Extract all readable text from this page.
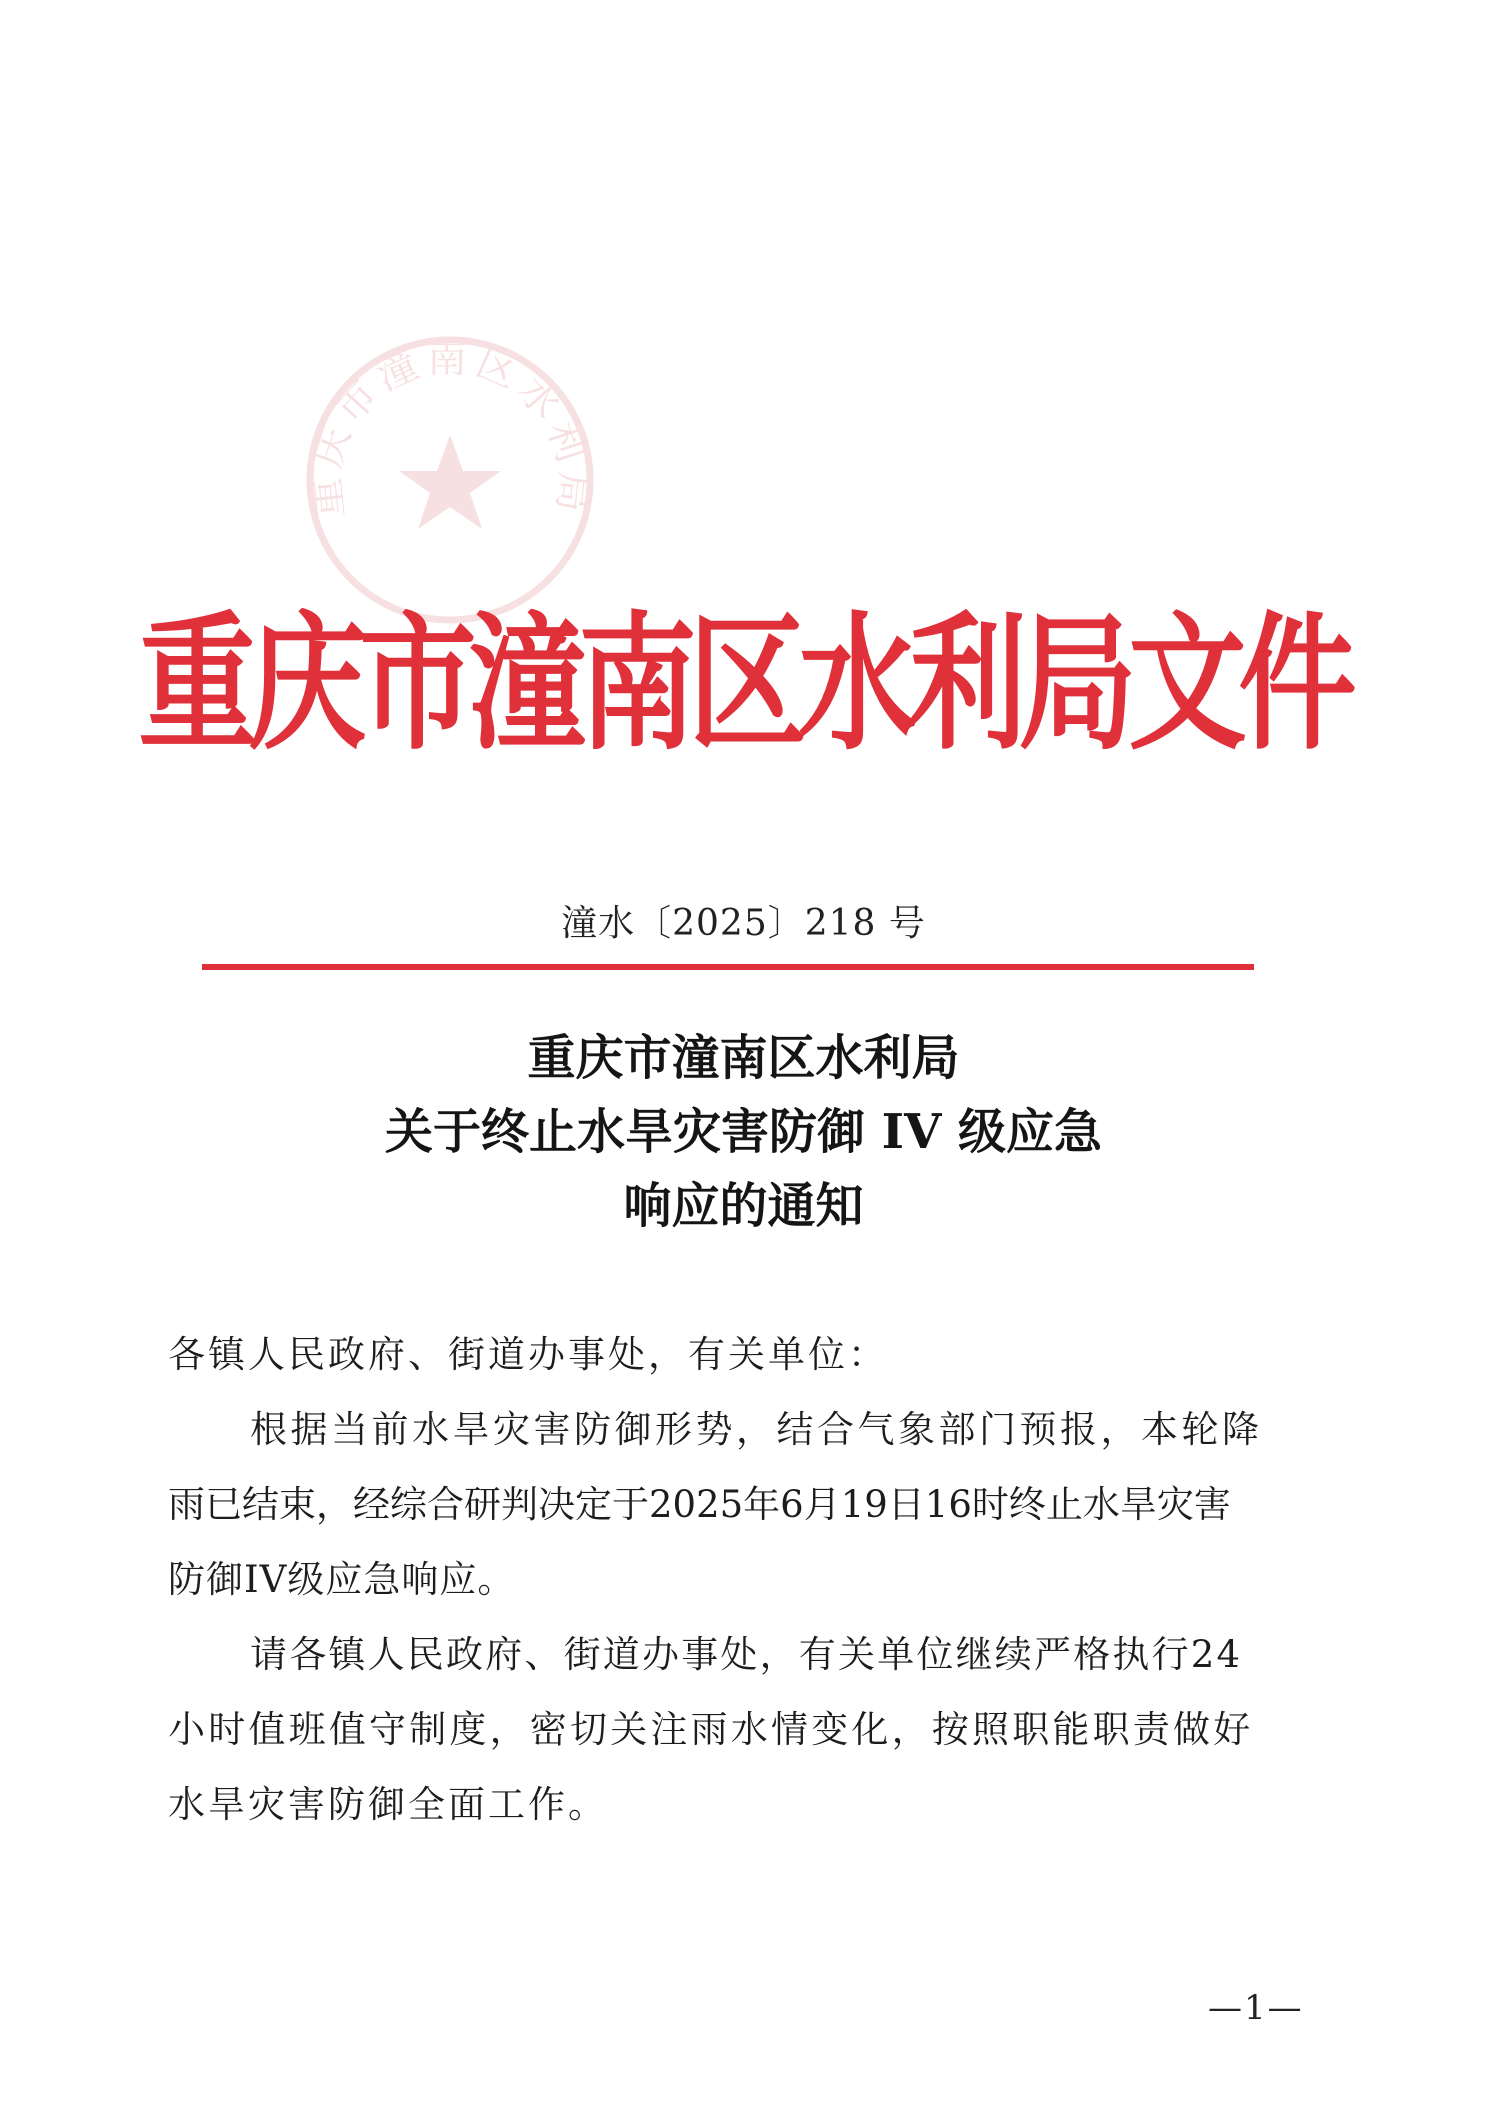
重庆市潼南区水利局
重庆市潼南区水利局文件
潼水〔2025〕218 号
重庆市潼南区水利局
关于终止水旱灾害防御 IV 级应急
响应的通知
各镇人民政府、街道办事处，有关单位：
根据当前水旱灾害防御形势，结合气象部门预报，本轮降
雨已结束，经综合研判决定于2025年6月19日16时终止水旱灾害
防御IV级应急响应。
请各镇人民政府、街道办事处，有关单位继续严格执行24
小时值班值守制度，密切关注雨水情变化，按照职能职责做好
水旱灾害防御全面工作。
—1—
